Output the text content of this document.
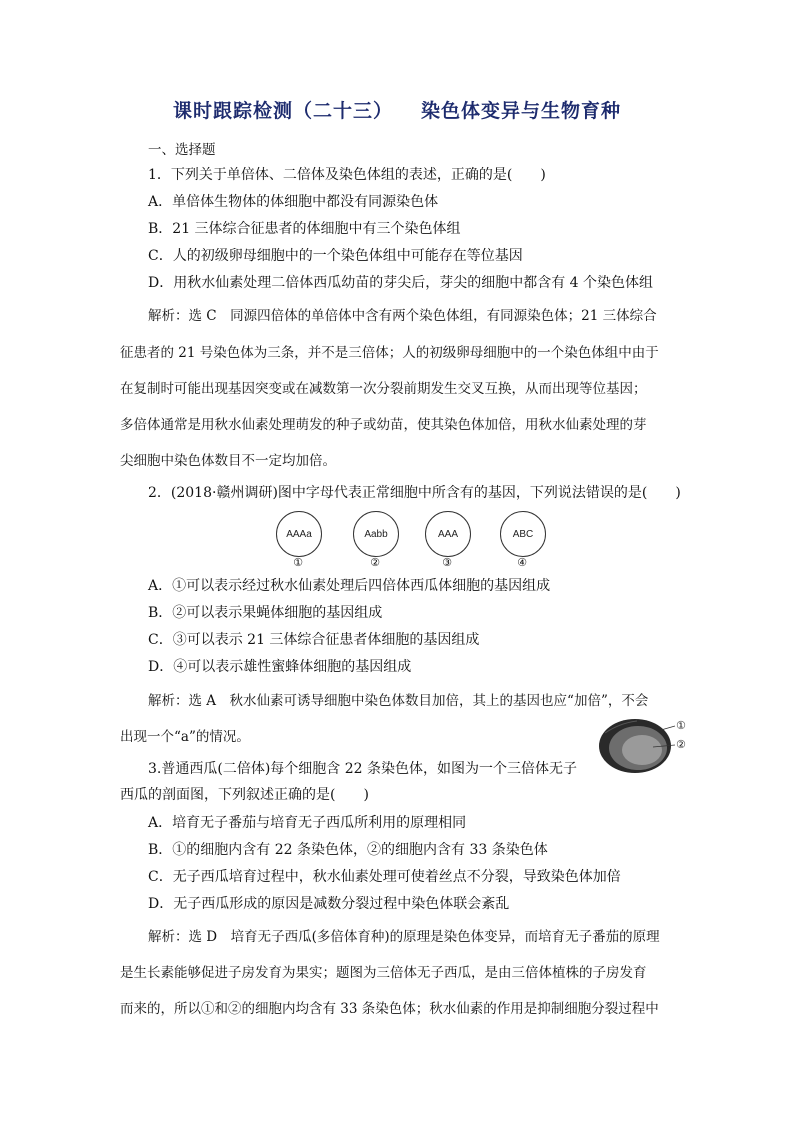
课时跟踪检测（二十三） 染色体变异与生物育种
一、选择题
1．下列关于单倍体、二倍体及染色体组的表述，正确的是(　　)
A．单倍体生物体的体细胞中都没有同源染色体
B．21 三体综合征患者的体细胞中有三个染色体组
C．人的初级卵母细胞中的一个染色体组中可能存在等位基因
D．用秋水仙素处理二倍体西瓜幼苗的芽尖后，芽尖的细胞中都含有 4 个染色体组
解析：选 C　同源四倍体的单倍体中含有两个染色体组，有同源染色体；21 三体综合
征患者的 21 号染色体为三条，并不是三倍体；人的初级卵母细胞中的一个染色体组中由于
在复制时可能出现基因突变或在减数第一次分裂前期发生交叉互换，从而出现等位基因；
多倍体通常是用秋水仙素处理萌发的种子或幼苗，使其染色体加倍，用秋水仙素处理的芽
尖细胞中染色体数目不一定均加倍。
2．(2018·赣州调研)图中字母代表正常细胞中所含有的基因，下列说法错误的是(　　)
AAAa
①
Aabb
②
AAA
③
ABC
④
A．①可以表示经过秋水仙素处理后四倍体西瓜体细胞的基因组成
B．②可以表示果蝇体细胞的基因组成
C．③可以表示 21 三体综合征患者体细胞的基因组成
D．④可以表示雄性蜜蜂体细胞的基因组成
解析：选 A　秋水仙素可诱导细胞中染色体数目加倍，其上的基因也应“加倍”，不会
出现一个“a”的情况。
①
②
3.普通西瓜(二倍体)每个细胞含 22 条染色体，如图为一个三倍体无子
西瓜的剖面图，下列叙述正确的是(　　)
A．培育无子番茄与培育无子西瓜所利用的原理相同
B．①的细胞内含有 22 条染色体，②的细胞内含有 33 条染色体
C．无子西瓜培育过程中，秋水仙素处理可使着丝点不分裂，导致染色体加倍
D．无子西瓜形成的原因是减数分裂过程中染色体联会紊乱
解析：选 D　培育无子西瓜(多倍体育种)的原理是染色体变异，而培育无子番茄的原理
是生长素能够促进子房发育为果实；题图为三倍体无子西瓜，是由三倍体植株的子房发育
而来的，所以①和②的细胞内均含有 33 条染色体；秋水仙素的作用是抑制细胞分裂过程中
